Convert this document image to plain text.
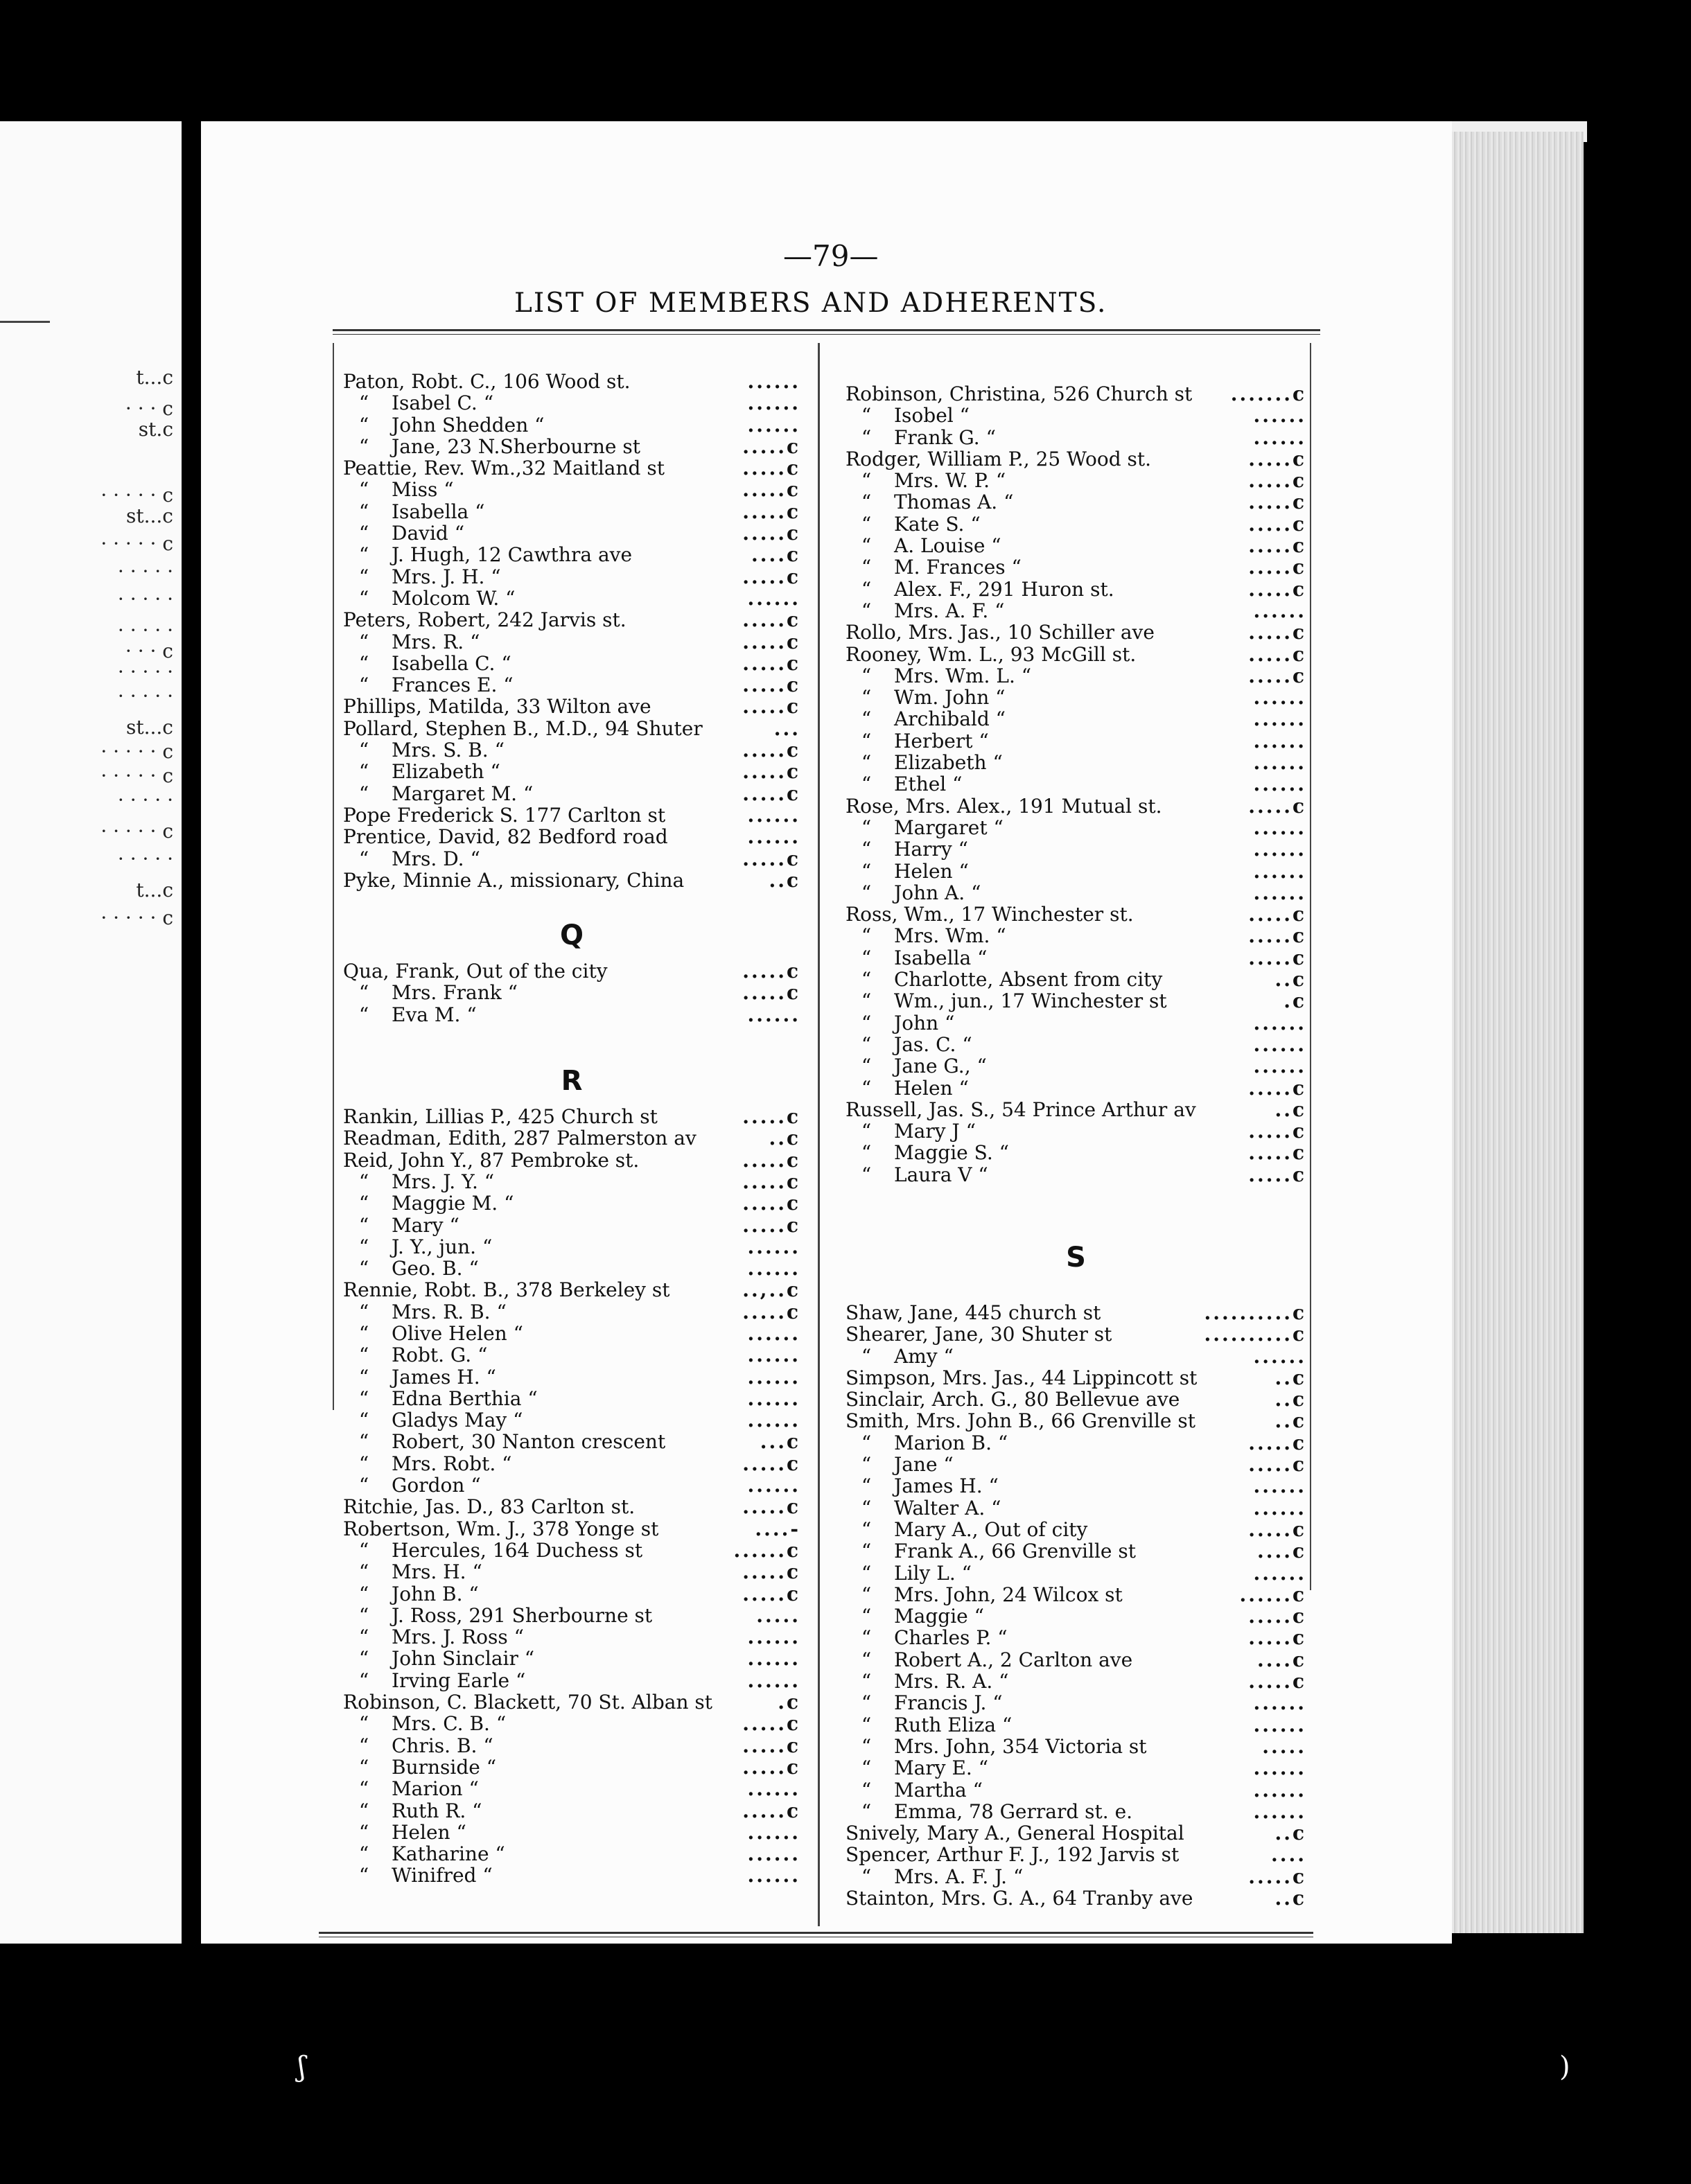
t...c
· · · c
st.c
· · · · · c
st...c
· · · · · c
· · · · ·
· · · · ·
· · · · ·
· · · c
· · · · ·
· · · · ·
st...c
· · · · · c
· · · · · c
· · · · ·
· · · · · c
· · · · ·
t...c
· · · · · c
—79—
LIST OF MEMBERS AND ADHERENTS.
Paton, Robt. C., 106 Wood st.	......
“	Isabel C. “	......
“	John Shedden “	......
“	Jane, 23 N.Sherbourne st	.....c
Peattie, Rev. Wm.,32 Maitland st	.....c
“	Miss “	.....c
“	Isabella “	.....c
“	David “	.....c
“	J. Hugh, 12 Cawthra ave	....c
“	Mrs. J. H. “	.....c
“	Molcom W. “	......
Peters, Robert, 242 Jarvis st.	.....c
“	Mrs. R. “	.....c
“	Isabella C. “	.....c
“	Frances E. “	.....c
Phillips, Matilda, 33 Wilton ave	.....c
Pollard, Stephen B., M.D., 94 Shuter	...
“	Mrs. S. B. “	.....c
“	Elizabeth “	.....c
“	Margaret M. “	.....c
Pope Frederick S. 177 Carlton st	......
Prentice, David, 82 Bedford road	......
“	Mrs. D. “	.....c
Pyke, Minnie A., missionary, China	..c
Q
Qua, Frank, Out of the city	.....c
“	Mrs. Frank “	.....c
“	Eva M. “	......
R
Rankin, Lillias P., 425 Church st	.....c
Readman, Edith, 287 Palmerston av	..c
Reid, John Y., 87 Pembroke st.	.....c
“	Mrs. J. Y. “	.....c
“	Maggie M. “	.....c
“	Mary “	.....c
“	J. Y., jun. “	......
“	Geo. B. “	......
Rennie, Robt. B., 378 Berkeley st	..,..c
“	Mrs. R. B. “	.....c
“	Olive Helen “	......
“	Robt. G. “	......
“	James H. “	......
“	Edna Berthia “	......
“	Gladys May “	......
“	Robert, 30 Nanton crescent	...c
“	Mrs. Robt. “	.....c
“	Gordon “	......
Ritchie, Jas. D., 83 Carlton st.	.....c
Robertson, Wm. J., 378 Yonge st	....-
“	Hercules, 164 Duchess st	......c
“	Mrs. H. “	.....c
“	John B. “	.....c
“	J. Ross, 291 Sherbourne st	.....
“	Mrs. J. Ross “	......
“	John Sinclair “	......
“	Irving Earle “	......
Robinson, C. Blackett, 70 St. Alban st	.c
“	Mrs. C. B. “	.....c
“	Chris. B. “	.....c
“	Burnside “	.....c
“	Marion “	......
“	Ruth R. “	.....c
“	Helen “	......
“	Katharine “	......
“	Winifred “	......
Robinson, Christina, 526 Church st .......c
“	Isobel “	......
“	Frank G. “	......
Rodger, William P., 25 Wood st.	.....c
“	Mrs. W. P. “	.....c
“	Thomas A. “	.....c
“	Kate S. “	.....c
“	A. Louise “	.....c
“	M. Frances “	.....c
“	Alex. F., 291 Huron st.	.....c
“	Mrs. A. F. “	......
Rollo, Mrs. Jas., 10 Schiller ave	.....c
Rooney, Wm. L., 93 McGill st.	.....c
“	Mrs. Wm. L. “	.....c
“	Wm. John “	......
“	Archibald “	......
“	Herbert “	......
“	Elizabeth “	......
“	Ethel “	......
Rose, Mrs. Alex., 191 Mutual st.	.....c
“	Margaret “	......
“	Harry “	......
“	Helen “	......
“	John A. “	......
Ross, Wm., 17 Winchester st.	.....c
“	Mrs. Wm. “	.....c
“	Isabella “	.....c
“	Charlotte, Absent from city	..c
“	Wm., jun., 17 Winchester st	.c
“	John “	......
“	Jas. C. “	......
“	Jane G., “	......
“	Helen “	.....c
Russell, Jas. S., 54 Prince Arthur av	..c
“	Mary J “	.....c
“	Maggie S. “	.....c
“	Laura V “	.....c
S
Shaw, Jane, 445 church st	..........c
Shearer, Jane, 30 Shuter st	..........c
“	Amy “	......
Simpson, Mrs. Jas., 44 Lippincott st	..c
Sinclair, Arch. G., 80 Bellevue ave	..c
Smith, Mrs. John B., 66 Grenville st	..c
“	Marion B. “	.....c
“	Jane “	.....c
“	James H. “	......
“	Walter A. “	......
“	Mary A., Out of city	.....c
“	Frank A., 66 Grenville st	....c
“	Lily L. “	......
“	Mrs. John, 24 Wilcox st	......c
“	Maggie “	.....c
“	Charles P. “	.....c
“	Robert A., 2 Carlton ave	....c
“	Mrs. R. A. “	.....c
“	Francis J. “	......
“	Ruth Eliza “	......
“	Mrs. John, 354 Victoria st	.....
“	Mary E. “	......
“	Martha “	......
“	Emma, 78 Gerrard st. e.	......
Snively, Mary A., General Hospital	..c
Spencer, Arthur F. J., 192 Jarvis st	....
“	Mrs. A. F. J. “	.....c
Stainton, Mrs. G. A., 64 Tranby ave	..c
ʃ	)
